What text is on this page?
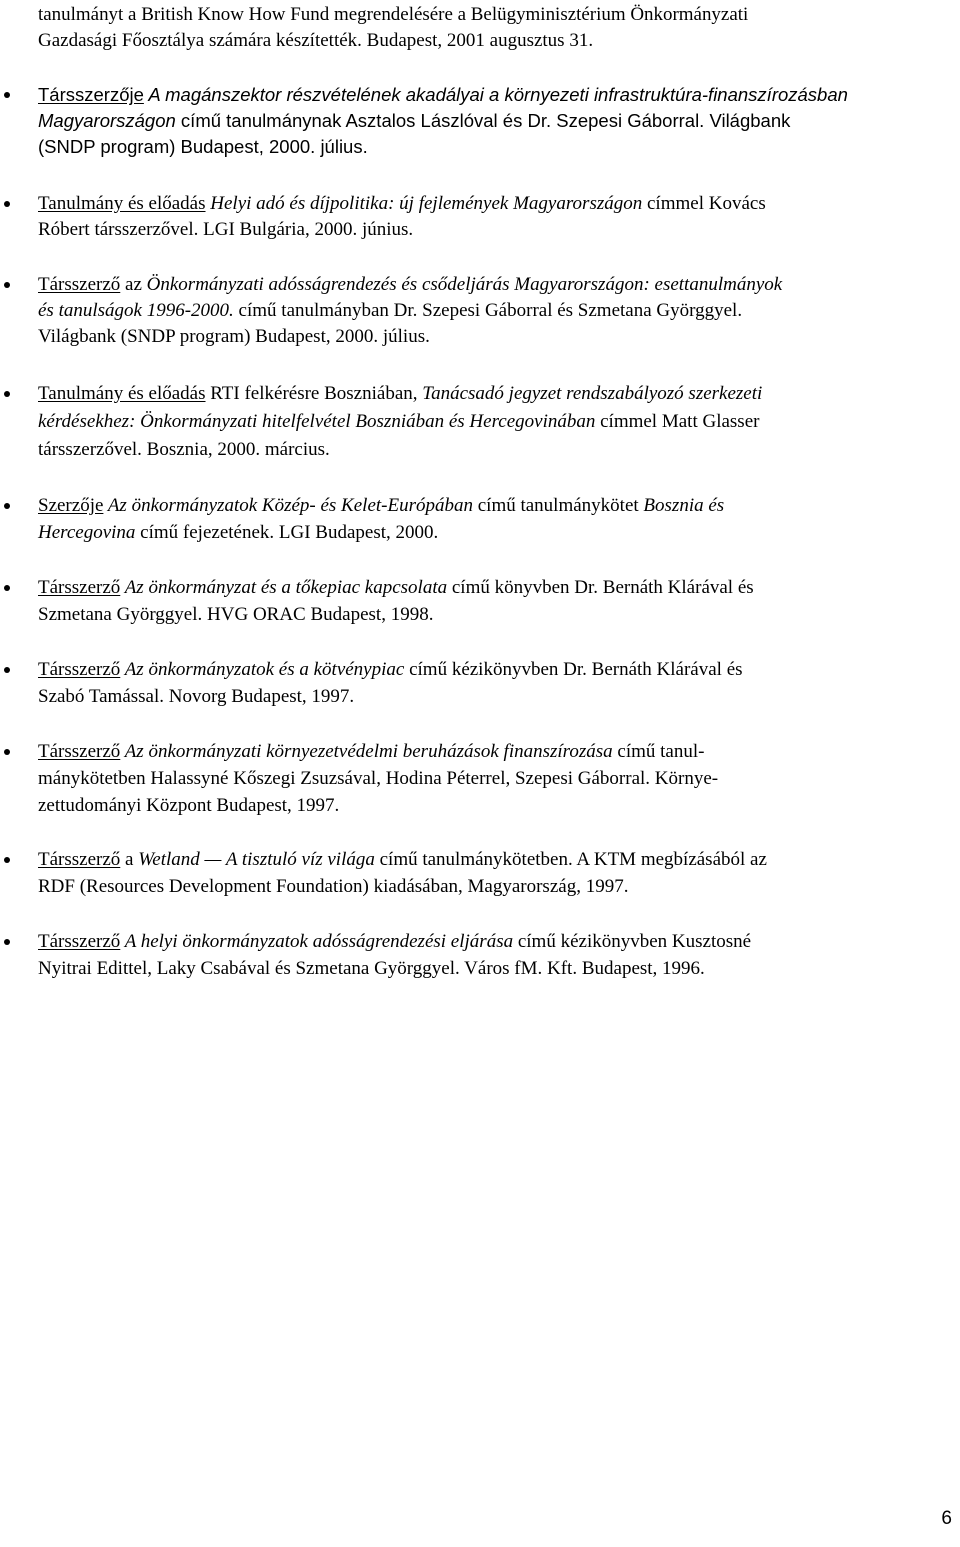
tanulmányt a British Know How Fund megrendelésére a Belügyminisztérium Önkormányzati
Gazdasági Főosztálya számára készítették. Budapest, 2001 augusztus 31.
Társszerzője A magánszektor részvételének akadályai a környezeti infrastruktúra-finanszírozásban
Magyarországon című tanulmánynak Asztalos Lászlóval és Dr. Szepesi Gáborral. Világbank
(SNDP program) Budapest, 2000. július.
Tanulmány és előadás Helyi adó és díjpolitika: új fejlemények Magyarországon címmel Kovács
Róbert társszerzővel. LGI Bulgária, 2000. június.
Társszerző az Önkormányzati adósságrendezés és csődeljárás Magyarországon: esettanulmányok
és tanulságok 1996-2000. című tanulmányban Dr. Szepesi Gáborral és Szmetana Györggyel.
Világbank (SNDP program) Budapest, 2000. július.
Tanulmány és előadás RTI felkérésre Boszniában, Tanácsadó jegyzet rendszabályozó szerkezeti
kérdésekhez: Önkormányzati hitelfelvétel Boszniában és Hercegovinában címmel Matt Glasser
társszerzővel. Bosznia, 2000. március.
Szerzője Az önkormányzatok Közép- és Kelet-Európában című tanulmánykötet Bosznia és
Hercegovina című fejezetének. LGI Budapest, 2000.
Társszerző Az önkormányzat és a tőkepiac kapcsolata című könyvben Dr. Bernáth Klárával és
Szmetana Györggyel. HVG ORAC Budapest, 1998.
Társszerző Az önkormányzatok és a kötvénypiac című kézikönyvben Dr. Bernáth Klárával és
Szabó Tamással. Novorg Budapest, 1997.
Társszerző Az önkormányzati környezetvédelmi beruházások finanszírozása című tanul-
mánykötetben Halassyné Kőszegi Zsuzsával, Hodina Péterrel, Szepesi Gáborral. Környe-
zettudományi Központ Budapest, 1997.
Társszerző a Wetland — A tisztuló víz világa című tanulmánykötetben. A KTM megbízásából az
RDF (Resources Development Foundation) kiadásában, Magyarország, 1997.
Társszerző A helyi önkormányzatok adósságrendezési eljárása című kézikönyvben Kusztosné
Nyitrai Edittel, Laky Csabával és Szmetana Györggyel. Város fM. Kft. Budapest, 1996.
6
